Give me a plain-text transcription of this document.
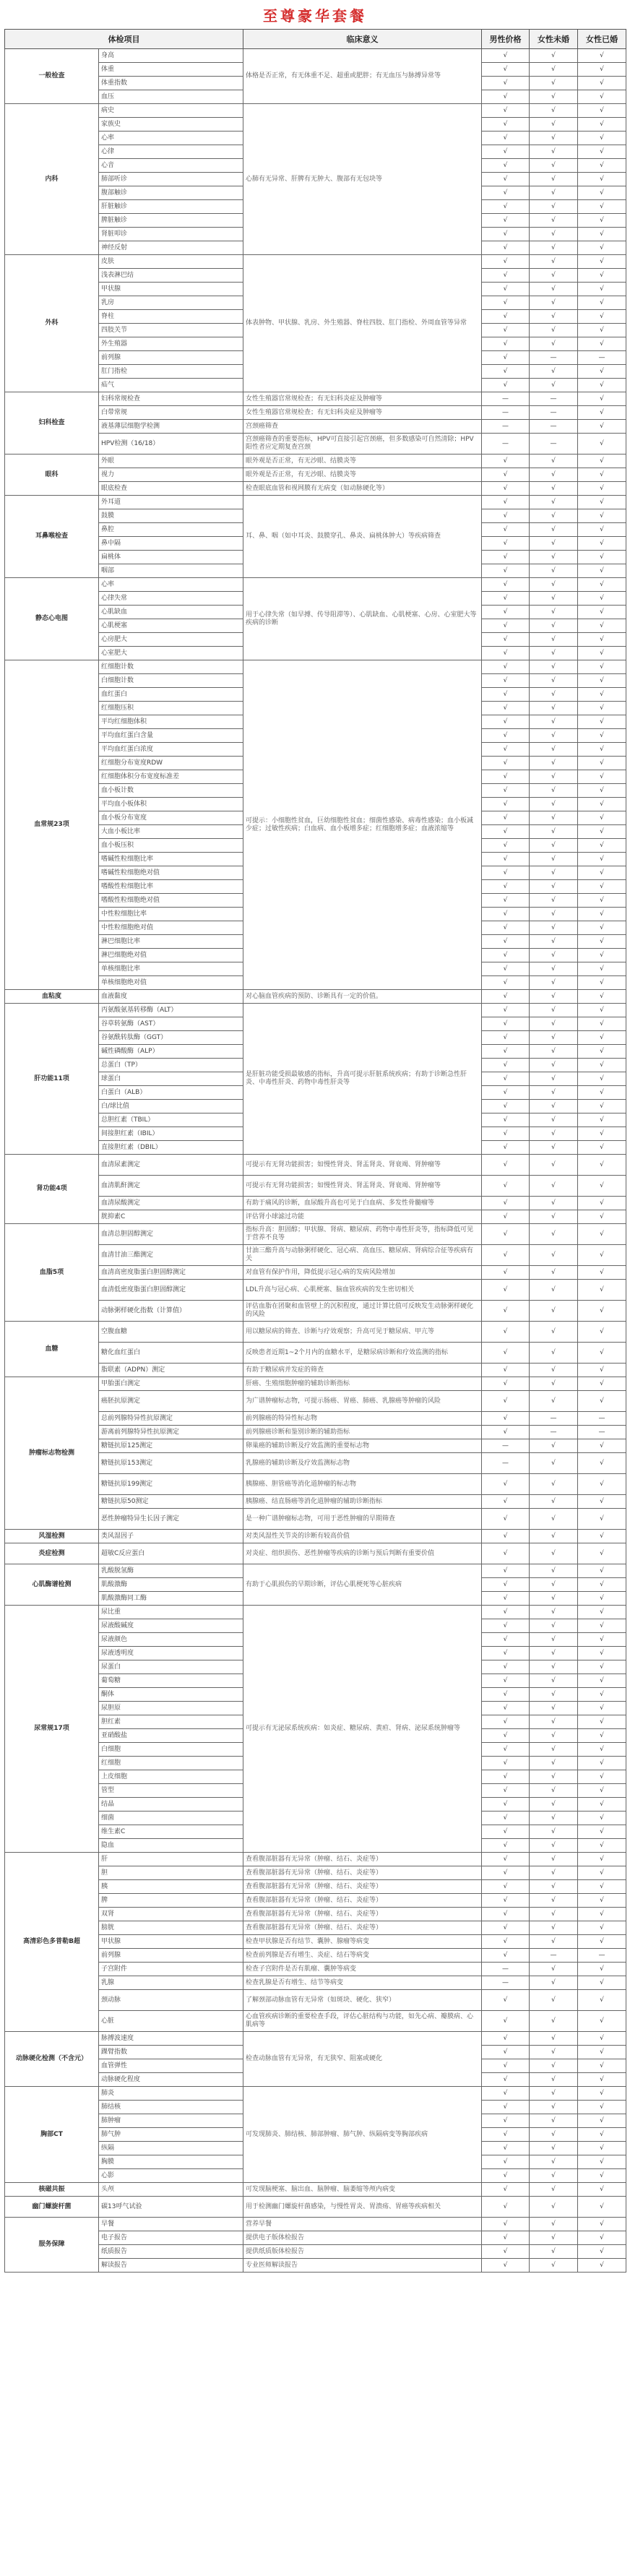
至尊豪华套餐
体检项目		临床意义	男性价格	女性未婚	女性已婚
一般检查	身高	体格是否正常，有无体重不足、超重或肥胖；有无血压与脉搏异常等	√	√	√
	体重		√	√	√
	体重指数		√	√	√
	血压		√	√	√
内科	病史	心肺有无异常、肝脾有无肿大、腹部有无包块等	√	√	√
	家族史		√	√	√
	心率		√	√	√
	心律		√	√	√
	心音		√	√	√
	肺部听诊		√	√	√
	腹部触诊		√	√	√
	肝脏触诊		√	√	√
	脾脏触诊		√	√	√
	肾脏叩诊		√	√	√
	神经反射		√	√	√
外科	皮肤	体表肿物、甲状腺、乳房、外生殖器、脊柱四肢、肛门指检、外周血管等异常	√	√	√
	浅表淋巴结		√	√	√
	甲状腺		√	√	√
	乳房		√	√	√
	脊柱		√	√	√
	四肢关节		√	√	√
	外生殖器		√	√	√
	前列腺		√	—	—
	肛门指检		√	√	√
	疝气		√	√	√
妇科检查	妇科常规检查	女性生殖器官常规检查；有无妇科炎症及肿瘤等	—	—	√
	白带常规	女性生殖器官常规检查；有无妇科炎症及肿瘤等	—	—	√
	液基薄层细胞学检测	宫颈癌筛查	—	—	√
	HPV检测（16/18）	宫颈癌筛查的重要指标，HPV可直接引起宫颈癌，但多数感染可自然清除；HPV阳性者应定期复查宫颈	—	—	√
眼科	外眼	眼外观是否正常，有无沙眼、结膜炎等	√	√	√
	视力	眼外观是否正常，有无沙眼、结膜炎等	√	√	√
	眼底检查	检查眼底血管和视网膜有无病变（如动脉硬化等）	√	√	√
耳鼻喉检查	外耳道	耳、鼻、咽（如中耳炎、鼓膜穿孔、鼻炎、扁桃体肿大）等疾病筛查	√	√	√
	鼓膜		√	√	√
	鼻腔		√	√	√
	鼻中隔		√	√	√
	扁桃体		√	√	√
	咽部		√	√	√
静态心电图	心率	用于心律失常（如早搏、传导阻滞等）、心肌缺血、心肌梗塞、心房、心室肥大等疾病的诊断	√	√	√
	心律失常		√	√	√
	心肌缺血		√	√	√
	心肌梗塞		√	√	√
	心房肥大		√	√	√
	心室肥大		√	√	√
血常规23项	红细胞计数	可提示：小细胞性贫血，巨幼细胞性贫血；细菌性感染、病毒性感染；血小板减少症；过敏性疾病；白血病、血小板增多症；红细胞增多症；血液浓缩等	√	√	√
	白细胞计数		√	√	√
	血红蛋白		√	√	√
	红细胞压积		√	√	√
	平均红细胞体积		√	√	√
	平均血红蛋白含量		√	√	√
	平均血红蛋白浓度		√	√	√
	红细胞分布宽度RDW		√	√	√
	红细胞体积分布宽度标准差		√	√	√
	血小板计数		√	√	√
	平均血小板体积		√	√	√
	血小板分布宽度		√	√	√
	大血小板比率		√	√	√
	血小板压积		√	√	√
	嗜碱性粒细胞比率		√	√	√
	嗜碱性粒细胞绝对值		√	√	√
	嗜酸性粒细胞比率		√	√	√
	嗜酸性粒细胞绝对值		√	√	√
	中性粒细胞比率		√	√	√
	中性粒细胞绝对值		√	√	√
	淋巴细胞比率		√	√	√
	淋巴细胞绝对值		√	√	√
	单核细胞比率		√	√	√
	单核细胞绝对值		√	√	√
血粘度	血液黏度	对心脑血管疾病的预防、诊断具有一定的价值。	√	√	√
肝功能11项	丙氨酸氨基转移酶（ALT）	是肝脏功能受损最敏感的指标，升高可提示肝脏系统疾病；有助于诊断急性肝炎、中毒性肝炎、药物中毒性肝炎等	√	√	√
	谷草转氨酶（AST）		√	√	√
	谷氨酰转肽酶（GGT）		√	√	√
	碱性磷酸酶（ALP）		√	√	√
	总蛋白（TP）		√	√	√
	球蛋白		√	√	√
	白蛋白（ALB）		√	√	√
	白/球比值		√	√	√
	总胆红素（TBIL）		√	√	√
	间接胆红素（IBIL）		√	√	√
	直接胆红素（DBIL）		√	√	√
肾功能4项	血清尿素测定	可提示有无肾功能损害；如慢性肾炎、肾盂肾炎、肾衰竭、肾肿瘤等	√	√	√
	血清肌酐测定	可提示有无肾功能损害；如慢性肾炎、肾盂肾炎、肾衰竭、肾肿瘤等	√	√	√
	血清尿酸测定	有助于痛风的诊断，血尿酸升高也可见于白血病、多发性骨髓瘤等	√	√	√
	胱抑素C	评估肾小球滤过功能	√	√	√
血脂5项	血清总胆固醇测定	指标升高：胆固醇；甲状腺、肾病、糖尿病、药物中毒性肝炎等，指标降低可见于营养不良等	√	√	√
	血清甘油三酯测定	甘油三酯升高与动脉粥样硬化、冠心病、高血压、糖尿病、肾病综合征等疾病有关	√	√	√
	血清高密度脂蛋白胆固醇测定	对血管有保护作用，降低提示冠心病的发病风险增加	√	√	√
	血清低密度脂蛋白胆固醇测定	LDL升高与冠心病、心肌梗塞、脑血管疾病的发生密切相关	√	√	√
	动脉粥样硬化指数（计算值）	评估血脂在团聚和血管壁上的沉积程度，通过计算比值可反映发生动脉粥样硬化的风险	√	√	√
血糖	空腹血糖	用以糖尿病的筛查、诊断与疗效观察；升高可见于糖尿病、甲亢等	√	√	√
	糖化血红蛋白	反映患者近期1~2个月内的血糖水平，是糖尿病诊断和疗效监测的指标	√	√	√
	脂联素（ADPN）测定	有助于糖尿病并发症的筛查	√	√	√
肿瘤标志物检测	甲胎蛋白测定	肝癌、生殖细胞肿瘤的辅助诊断指标	√	√	√
	癌胚抗原测定	为广谱肿瘤标志物，可提示肠癌、胃癌、肺癌、乳腺癌等肿瘤的风险	√	√	√
	总前列腺特异性抗原测定	前列腺癌的特异性标志物	√	—	—
	游离前列腺特异性抗原测定	前列腺癌诊断和鉴别诊断的辅助指标	√	—	—
	糖链抗原125测定	卵巢癌的辅助诊断及疗效监测的重要标志物	—	√	√
	糖链抗原153测定	乳腺癌的辅助诊断及疗效监测标志物	—	√	√
	糖链抗原199测定	胰腺癌、胆管癌等消化道肿瘤的标志物	√	√	√
	糖链抗原50测定	胰腺癌、结直肠癌等消化道肿瘤的辅助诊断指标	√	√	√
	恶性肿瘤特异生长因子测定	是一种广谱肿瘤标志物，可用于恶性肿瘤的早期筛查	√	√	√
风湿检测	类风湿因子	对类风湿性关节炎的诊断有较高价值	√	√	√
炎症检测	超敏C反应蛋白	对炎症、组织损伤、恶性肿瘤等疾病的诊断与预后判断有重要价值	√	√	√
心肌酶谱检测	乳酸脱氢酶	有助于心肌损伤的早期诊断，评估心肌梗死等心脏疾病	√	√	√
	肌酸激酶		√	√	√
	肌酸激酶同工酶		√	√	√
尿常规17项	尿比重	可提示有无泌尿系统疾病：如炎症、糖尿病、黄疸、肾病、泌尿系统肿瘤等	√	√	√
	尿液酸碱度		√	√	√
	尿液颜色		√	√	√
	尿液透明度		√	√	√
	尿蛋白		√	√	√
	葡萄糖		√	√	√
	酮体		√	√	√
	尿胆原		√	√	√
	胆红素		√	√	√
	亚硝酸盐		√	√	√
	白细胞		√	√	√
	红细胞		√	√	√
	上皮细胞		√	√	√
	管型		√	√	√
	结晶		√	√	√
	细菌		√	√	√
	维生素C		√	√	√
	隐血		√	√	√
高清彩色多普勒B超	肝	查看腹部脏器有无异常（肿瘤、结石、炎症等）	√	√	√
	胆	查看腹部脏器有无异常（肿瘤、结石、炎症等）	√	√	√
	胰	查看腹部脏器有无异常（肿瘤、结石、炎症等）	√	√	√
	脾	查看腹部脏器有无异常（肿瘤、结石、炎症等）	√	√	√
	双肾	查看腹部脏器有无异常（肿瘤、结石、炎症等）	√	√	√
	膀胱	查看腹部脏器有无异常（肿瘤、结石、炎症等）	√	√	√
	甲状腺	检查甲状腺是否有结节、囊肿、腺瘤等病变	√	√	√
	前列腺	检查前列腺是否有增生、炎症、结石等病变	√	—	—
	子宫附件	检查子宫附件是否有肌瘤、囊肿等病变	—	√	√
	乳腺	检查乳腺是否有增生、结节等病变	—	√	√
	颈动脉	了解颈部动脉血管有无异常（如斑块、硬化、狭窄）	√	√	√
	心脏	心血管疾病诊断的重要检查手段，评估心脏结构与功能，如先心病、瓣膜病、心肌病等	√	√	√
动脉硬化检测（不含元）	脉搏波速度	检查动脉血管有无异常，有无狭窄、阻塞或硬化	√	√	√
	踝臂指数		√	√	√
	血管弹性		√	√	√
	动脉硬化程度		√	√	√
胸部CT	肺炎	可发现肺炎、肺结核、肺部肿瘤、肺气肿、纵隔病变等胸部疾病	√	√	√
	肺结核		√	√	√
	肺肿瘤		√	√	√
	肺气肿		√	√	√
	纵隔		√	√	√
	胸膜		√	√	√
	心影		√	√	√
核磁共振	头颅	可发现脑梗塞、脑出血、脑肿瘤、脑萎缩等颅内病变	√	√	√
幽门螺旋杆菌	碳13呼气试验	用于检测幽门螺旋杆菌感染，与慢性胃炎、胃溃疡、胃癌等疾病相关	√	√	√
服务保障	早餐	营养早餐	√	√	√
	电子报告	提供电子版体检报告	√	√	√
	纸质报告	提供纸质版体检报告	√	√	√
	解读报告	专业医师解读报告	√	√	√
